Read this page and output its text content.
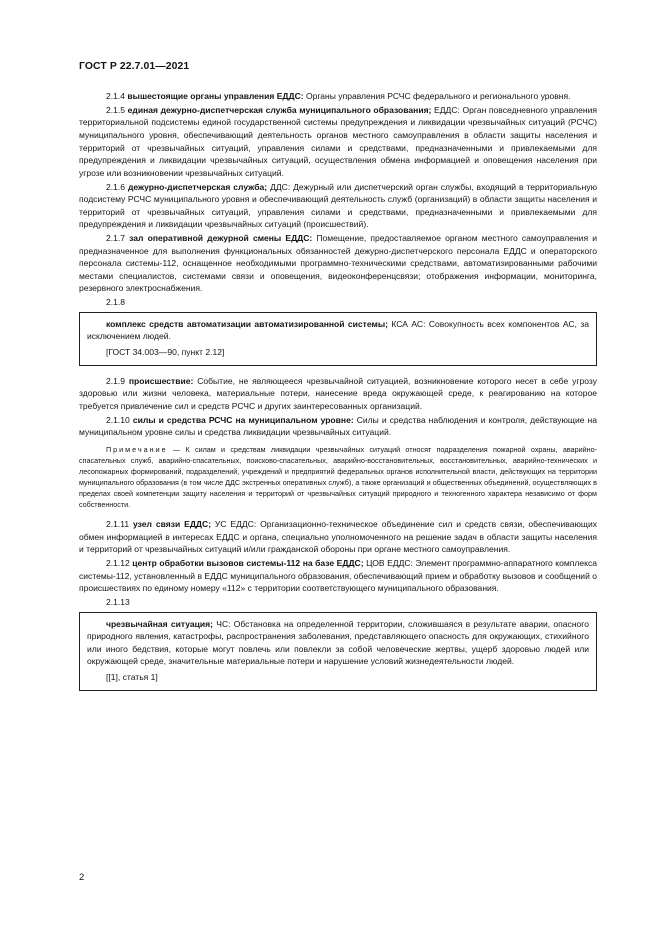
ГОСТ Р 22.7.01—2021

2.1.4 вышестоящие органы управления ЕДДС: Органы управления РСЧС федерального и регионального уровня.

2.1.5 единая дежурно-диспетчерская служба муниципального образования; ЕДДС: Орган повседневного управления территориальной подсистемы единой государственной системы предупреждения и ликвидации чрезвычайных ситуаций (РСЧС) муниципального уровня, обеспечивающий деятельность органов местного самоуправления в области защиты населения и территорий от чрезвычайных ситуаций, управления силами и средствами, предназначенными и привлекаемыми для предупреждения и ликвидации чрезвычайных ситуаций, осуществления обмена информацией и оповещения населения при угрозе или возникновении чрезвычайных ситуаций.

2.1.6 дежурно-диспетчерская служба; ДДС: Дежурный или диспетчерский орган службы, входящий в территориальную подсистему РСЧС муниципального уровня и обеспечивающий деятельность служб (организаций) в области защиты населения и территорий от чрезвычайных ситуаций, управления силами и средствами, предназначенными и привлекаемыми для предупреждения и ликвидации чрезвычайных ситуаций (происшествий).

2.1.7 зал оперативной дежурной смены ЕДДС: Помещение, предоставляемое органом местного самоуправления и предназначенное для выполнения функциональных обязанностей дежурно-диспетчерского персонала ЕДДС и операторского персонала системы-112, оснащенное необходимыми программно-техническими средствами, автоматизированными рабочими местами специалистов, системами связи и оповещения, видеоконференцсвязи; отображения информации, мониторинга, резервного электроснабжения.

2.1.8

комплекс средств автоматизации автоматизированной системы; КСА АС: Совокупность всех компонентов АС, за исключением людей.

[ГОСТ 34.003—90, пункт 2.12]

2.1.9 происшествие: Событие, не являющееся чрезвычайной ситуацией, возникновение которого несет в себе угрозу здоровью или жизни человека, материальные потери, нанесение вреда окружающей среде, к реагированию на которое требуется привлечение сил и средств РСЧС и других заинтересованных организаций.

2.1.10 силы и средства РСЧС на муниципальном уровне: Силы и средства наблюдения и контроля, действующие на муниципальном уровне силы и средства ликвидации чрезвычайных ситуаций.

Примечание — К силам и средствам ликвидации чрезвычайных ситуаций относят подразделения пожарной охраны, аварийно-спасательных служб, аварийно-спасательных, поисково-спасательных, аварийно-восстановительных, восстановительных, аварийно-технических и лесопожарных формирований, подразделений, учреждений и предприятий федеральных органов исполнительной власти, действующих на территории муниципального образования (в том числе ДДС экстренных оперативных служб), а также организаций и общественных объединений, осуществляющих в пределах своей компетенции защиту населения и территорий от чрезвычайных ситуаций природного и техногенного характера независимо от форм собственности.

2.1.11 узел связи ЕДДС; УС ЕДДС: Организационно-техническое объединение сил и средств связи, обеспечивающих обмен информацией в интересах ЕДДС и органа, специально уполномоченного на решение задач в области защиты населения и территорий от чрезвычайных ситуаций и/или гражданской обороны при органе местного самоуправления.

2.1.12 центр обработки вызовов системы-112 на базе ЕДДС; ЦОВ ЕДДС: Элемент программно-аппаратного комплекса системы-112, установленный в ЕДДС муниципального образования, обеспечивающий прием и обработку вызовов и сообщений о происшествиях по единому номеру «112» с территории соответствующего муниципального образования.

2.1.13

чрезвычайная ситуация; ЧС: Обстановка на определенной территории, сложившаяся в результате аварии, опасного природного явления, катастрофы, распространения заболевания, представляющего опасность для окружающих, стихийного или иного бедствия, которые могут повлечь или повлекли за собой человеческие жертвы, ущерб здоровью людей или окружающей среде, значительные материальные потери и нарушение условий жизнедеятельности людей.

[[1], статья 1]

2
